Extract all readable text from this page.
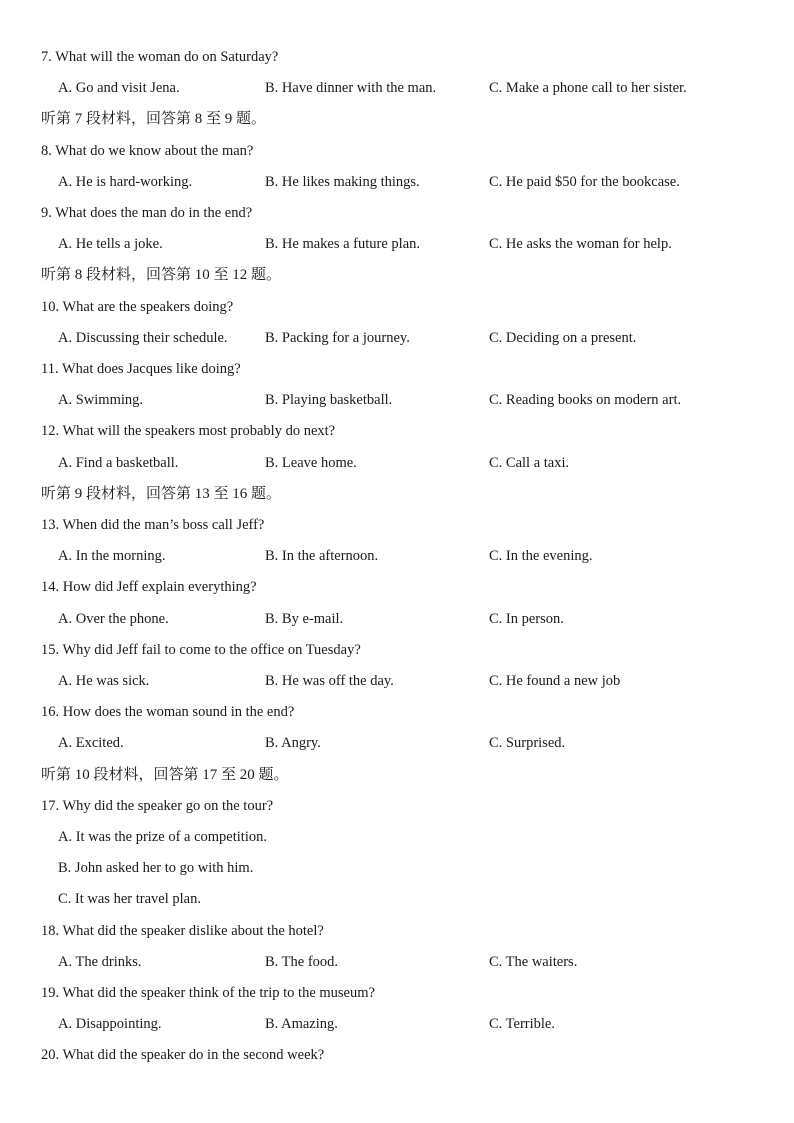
7. What will the woman do on Saturday?
A. Go and visit Jena.	B. Have dinner with the man.	C. Make a phone call to her sister.
听第 7 段材料，回答第 8 至 9 题。
8. What do we know about the man?
A. He is hard-working.	B. He likes making things.	C. He paid $50 for the bookcase.
9. What does the man do in the end?
A. He tells a joke.	B. He makes a future plan.	C. He asks the woman for help.
听第 8 段材料，回答第 10 至 12 题。
10. What are the speakers doing?
A. Discussing their schedule.	B. Packing for a journey.	C. Deciding on a present.
11. What does Jacques like doing?
A. Swimming.	B. Playing basketball.	C. Reading books on modern art.
12. What will the speakers most probably do next?
A. Find a basketball.	B. Leave home.	C. Call a taxi.
听第 9 段材料，回答第 13 至 16 题。
13. When did the man’s boss call Jeff?
A. In the morning.	B. In the afternoon.	C. In the evening.
14. How did Jeff explain everything?
A. Over the phone.	B. By e-mail.	C. In person.
15. Why did Jeff fail to come to the office on Tuesday?
A. He was sick.	B. He was off the day.	C. He found a new job
16. How does the woman sound in the end?
A. Excited.	B. Angry.	C. Surprised.
听第 10 段材料，回答第 17 至 20 题。
17. Why did the speaker go on the tour?
A. It was the prize of a competition.
B. John asked her to go with him.
C. It was her travel plan.
18. What did the speaker dislike about the hotel?
A. The drinks.	B. The food.	C. The waiters.
19. What did the speaker think of the trip to the museum?
A. Disappointing.	B. Amazing.	C. Terrible.
20. What did the speaker do in the second week?
